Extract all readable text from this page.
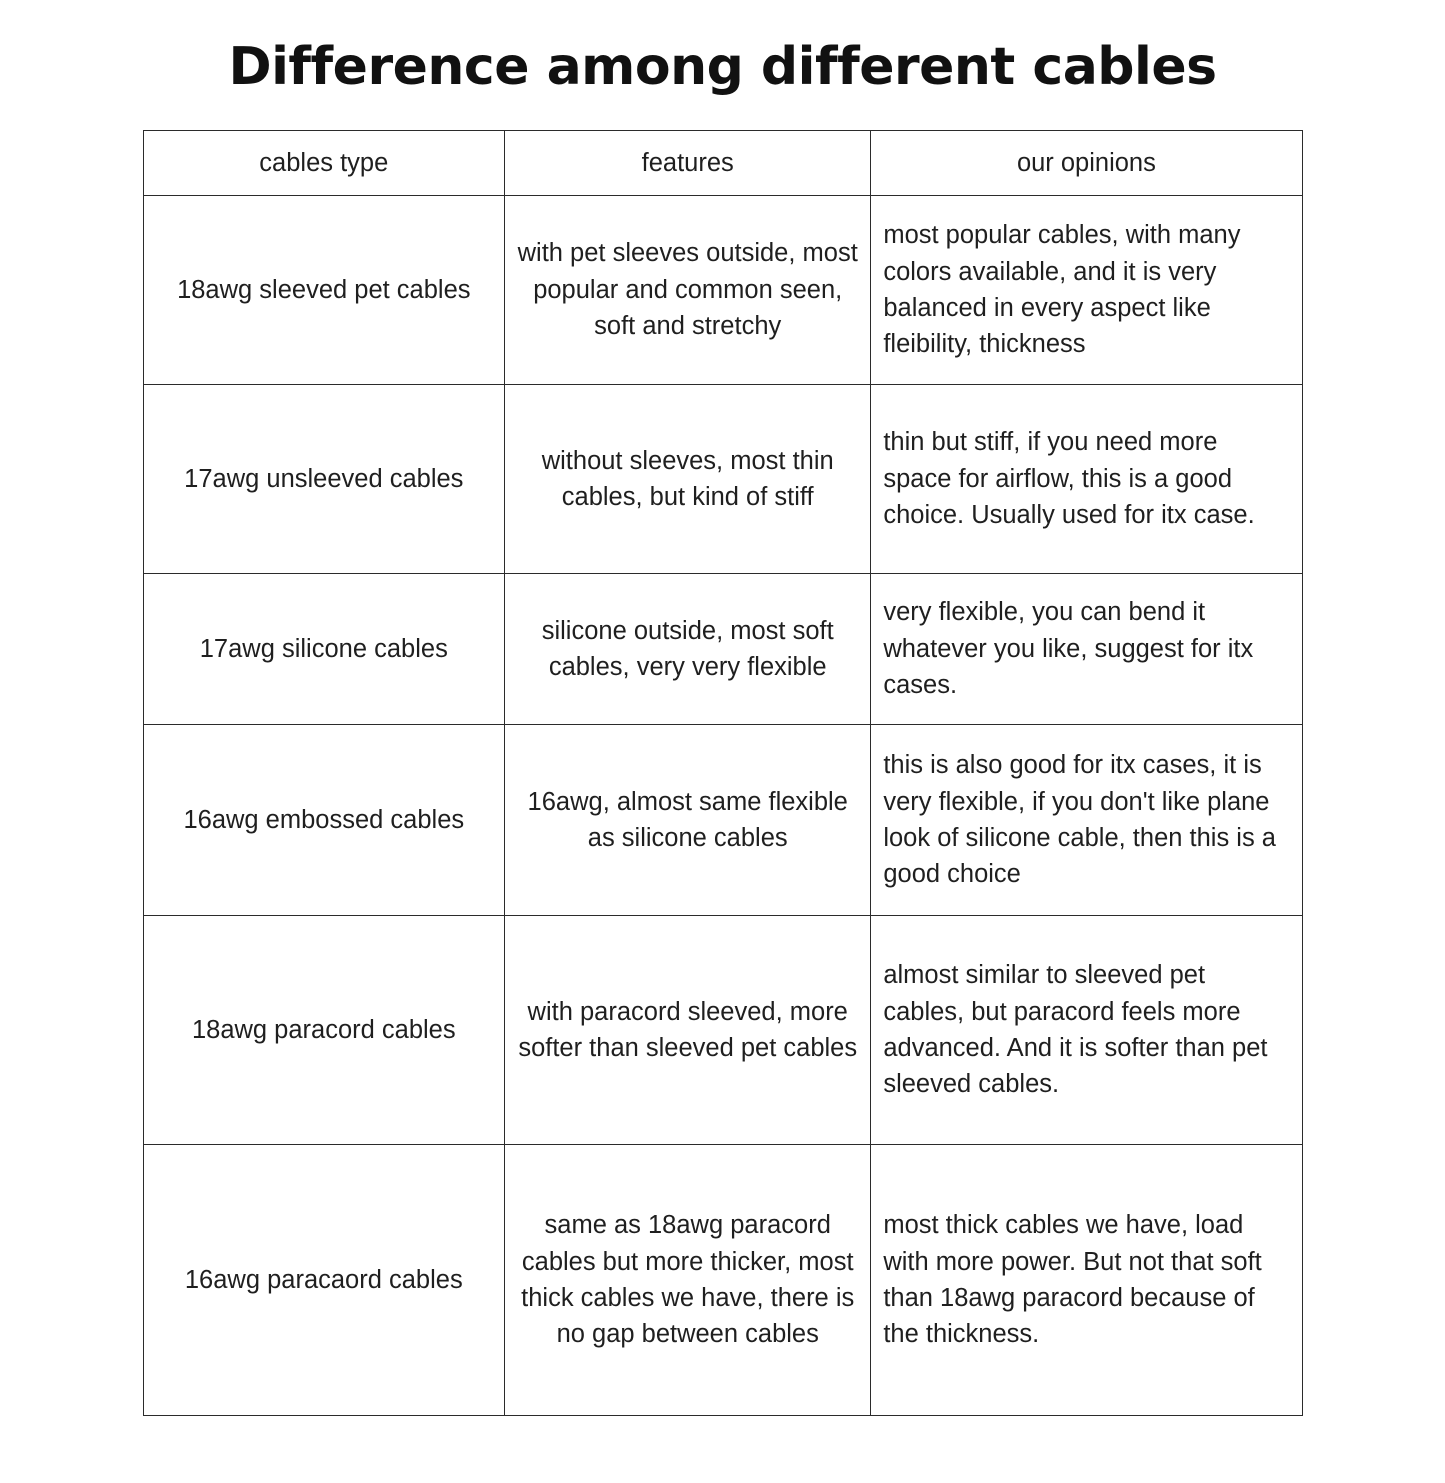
Difference among different cables
cables type	features	our opinions
18awg sleeved pet cables	with pet sleeves outside, most popular and common seen, soft and stretchy	most popular cables, with many colors available, and it is very balanced in every aspect like fleibility, thickness
17awg unsleeved cables	without sleeves, most thin cables, but kind of stiff	thin but stiff, if you need more space for airflow, this is a good choice. Usually used for itx case.
17awg silicone cables	silicone outside, most soft cables, very very flexible	very flexible, you can bend it whatever you like, suggest for itx cases.
16awg embossed cables	16awg, almost same flexible as silicone cables	this is also good for itx cases, it is very flexible, if you don't like plane look of silicone cable, then this is a good choice
18awg paracord cables	with paracord sleeved, more softer than sleeved pet cables	almost similar to sleeved pet cables, but paracord feels more advanced. And it is softer than pet sleeved cables.
16awg paracaord cables	same as 18awg paracord cables but more thicker, most thick cables we have, there is no gap between cables	most thick cables we have, load with more power. But not that soft than 18awg paracord because of the thickness.
